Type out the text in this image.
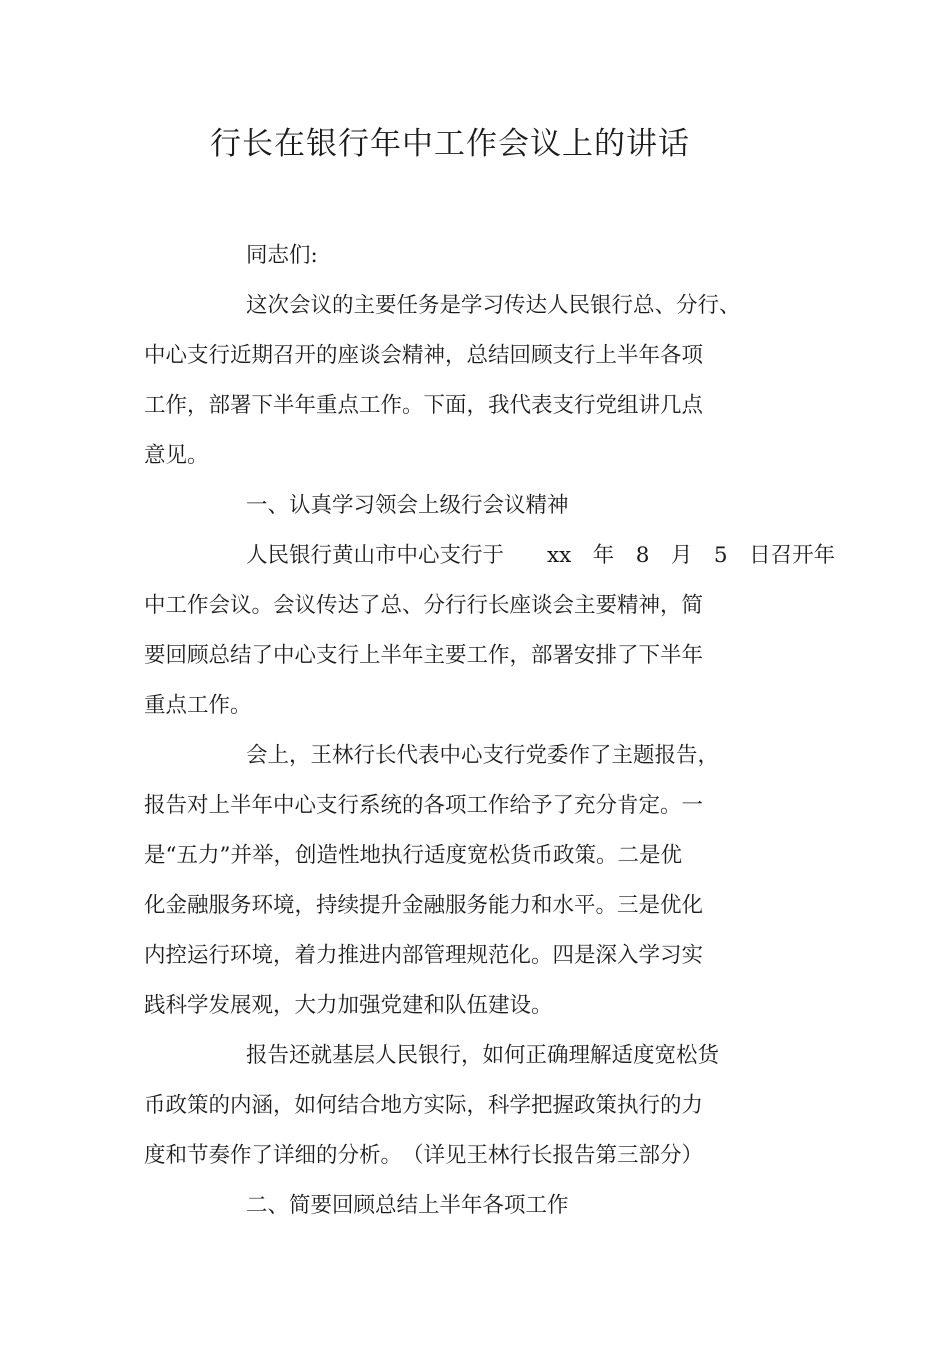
行长在银行年中工作会议上的讲话
同志们:
这次会议的主要任务是学习传达人民银行总、分行、
中心支行近期召开的座谈会精神，总结回顾支行上半年各项
工作，部署下半年重点工作。下面，我代表支行党组讲几点
意见。
一、认真学习领会上级行会议精神
人民银行黄山市中心支行于　　xx　年　8　月　5　日召开年
中工作会议。会议传达了总、分行行长座谈会主要精神，简
要回顾总结了中心支行上半年主要工作，部署安排了下半年
重点工作。
会上，王林行长代表中心支行党委作了主题报告，
报告对上半年中心支行系统的各项工作给予了充分肯定。一
是“五力”并举，创造性地执行适度宽松货币政策。二是优
化金融服务环境，持续提升金融服务能力和水平。三是优化
内控运行环境，着力推进内部管理规范化。四是深入学习实
践科学发展观，大力加强党建和队伍建设。
报告还就基层人民银行，如何正确理解适度宽松货
币政策的内涵，如何结合地方实际，科学把握政策执行的力
度和节奏作了详细的分析。　（详见王林行长报告第三部分）
二、简要回顾总结上半年各项工作
